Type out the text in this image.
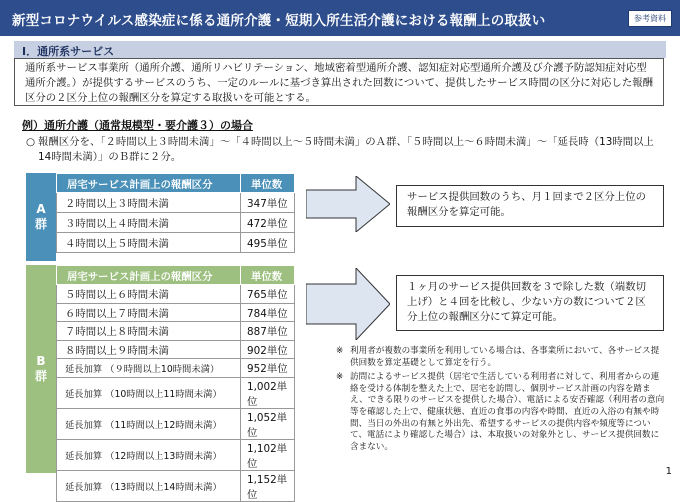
新型コロナウイルス感染症に係る通所介護・短期入所生活介護における報酬上の取扱い	参考資料
Ⅰ．通所系サービス
通所系サービス事業所（通所介護、通所リハビリテーション、地域密着型通所介護、認知症対応型通所介護及び介護予防認知症対応型通所介護。）が提供するサービスのうち、一定のルールに基づき算出された回数について、提供したサービス時間の区分に対応した報酬区分の２区分上位の報酬区分を算定する取扱いを可能とする。
例）通所介護（通常規模型・要介護３）の場合
○ 報酬区分を、「２時間以上３時間未満」～「４時間以上～５時間未満」のＡ群、「５時間以上～６時間未満」～「延長時（13時間以上14時間未満）」のＢ群に２分。
A
群
居宅サービス計画上の報酬区分	単位数
２時間以上３時間未満	347単位
３時間以上４時間未満	472単位
４時間以上５時間未満	495単位
サービス提供回数のうち、月１回まで２区分上位の報酬区分を算定可能。
B
群
居宅サービス計画上の報酬区分	単位数
５時間以上６時間未満	765単位
６時間以上７時間未満	784単位
７時間以上８時間未満	887単位
８時間以上９時間未満	902単位
延長加算 （９時間以上10時間未満）	952単位
延長加算 （10時間以上11時間未満）	1,002単位
延長加算 （11時間以上12時間未満）	1,052単位
延長加算 （12時間以上13時間未満）	1,102単位
延長加算 （13時間以上14時間未満）	1,152単位
１ヶ月のサービス提供回数を３で除した数（端数切上げ）と４回を比較し、少ない方の数について２区分上位の報酬区分にて算定可能。
※ 利用者が複数の事業所を利用している場合は、各事業所において、各サービス提供回数を算定基礎として算定を行う。
※ 訪問によるサービス提供（居宅で生活している利用者に対して、利用者からの連絡を受ける体制を整えた上で、居宅を訪問し、個別サービス計画の内容を踏まえ、できる限りのサービスを提供した場合）、電話による安否確認（利用者の意向等を確認した上で、健康状態、直近の食事の内容や時間、直近の入浴の有無や時間、当日の外出の有無と外出先、希望するサービスの提供内容や頻度等について、電話により確認した場合）は、本取扱いの対象外とし、サービス提供回数に含まない。
1
